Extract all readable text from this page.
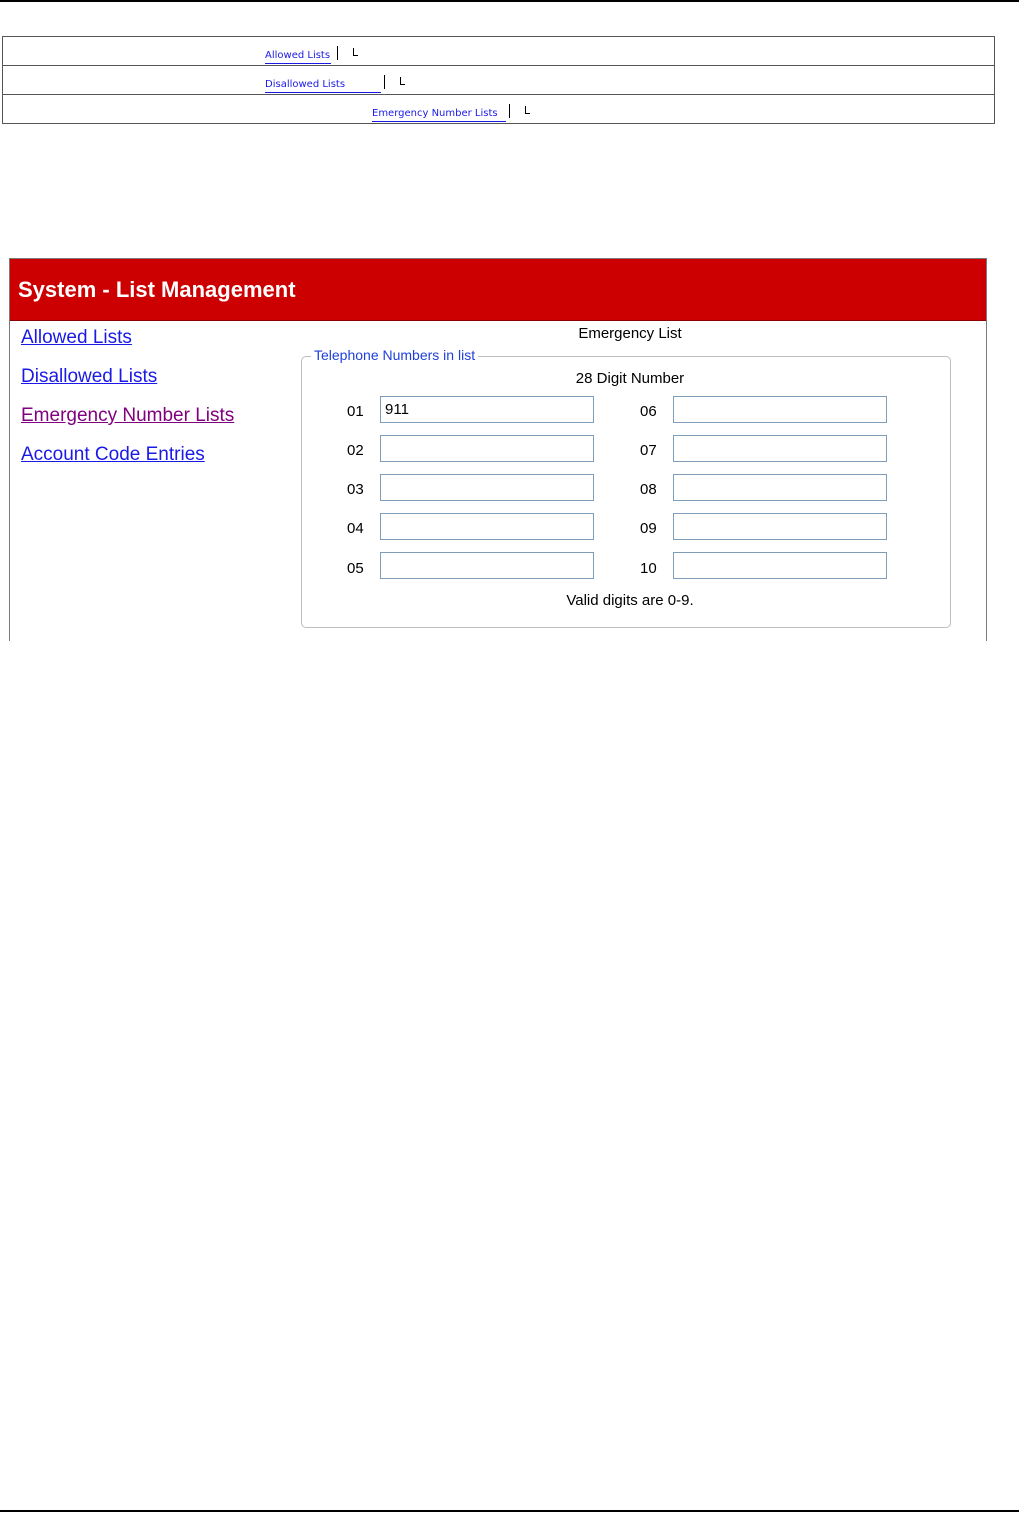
Allowed Lists
Disallowed Lists
Emergency Number Lists
System - List Management
Allowed Lists
Disallowed Lists
Emergency Number Lists
Account Code Entries
Emergency List
Telephone Numbers in list
28 Digit Number
01
911
02
03
04
05
06
07
08
09
10
Valid digits are 0-9.
